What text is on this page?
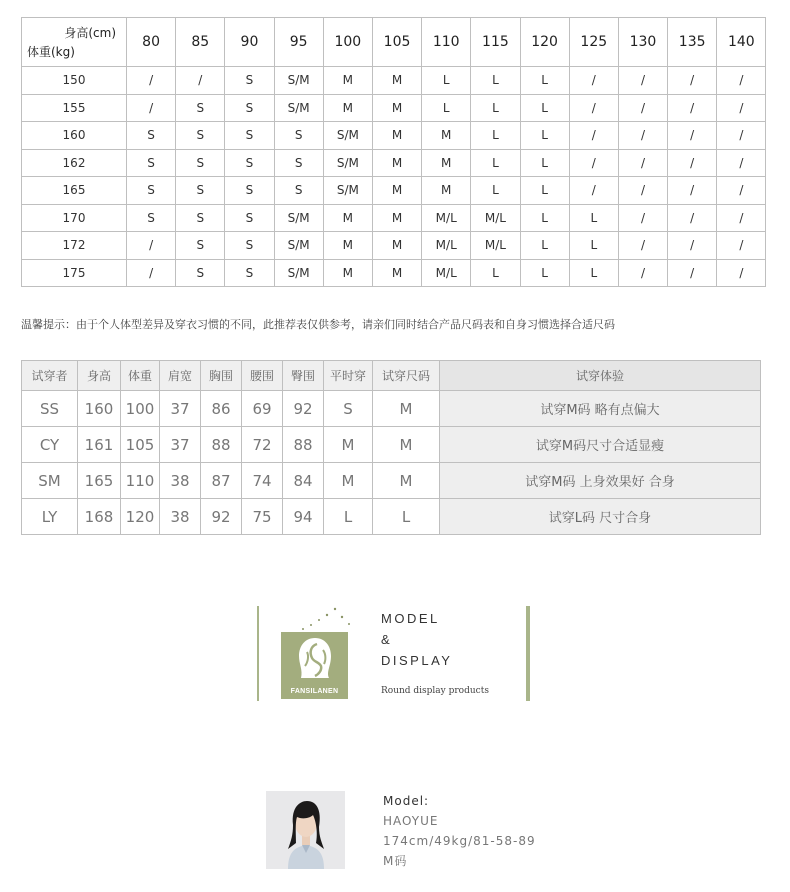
身高(cm)
体重(kg)	80	85	90	95	100	105	110	115	120	125	130	135	140
150	/	/	S	S/M	M	M	L	L	L	/	/	/	/
155	/	S	S	S/M	M	M	L	L	L	/	/	/	/
160	S	S	S	S	S/M	M	M	L	L	/	/	/	/
162	S	S	S	S	S/M	M	M	L	L	/	/	/	/
165	S	S	S	S	S/M	M	M	L	L	/	/	/	/
170	S	S	S	S/M	M	M	M/L	M/L	L	L	/	/	/
172	/	S	S	S/M	M	M	M/L	M/L	L	L	/	/	/
175	/	S	S	S/M	M	M	M/L	L	L	L	/	/	/
温馨提示：由于个人体型差异及穿衣习惯的不同，此推荐表仅供参考，请亲们同时结合产品尺码表和自身习惯选择合适尺码
试穿者	身高	体重	肩宽	胸围	腰围	臀围	平时穿	试穿尺码	试穿体验
SS	160	100	37	86	69	92	S	M	试穿M码 略有点偏大
CY	161	105	37	88	72	88	M	M	试穿M码尺寸合适显瘦
SM	165	110	38	87	74	84	M	M	试穿M码 上身效果好 合身
LY	168	120	38	92	75	94	L	L	试穿L码 尺寸合身
FANSILANEN
MODEL
&
DISPLAY
Round display products
Model:
HAOYUE
174cm/49kg/81-58-89
M码
